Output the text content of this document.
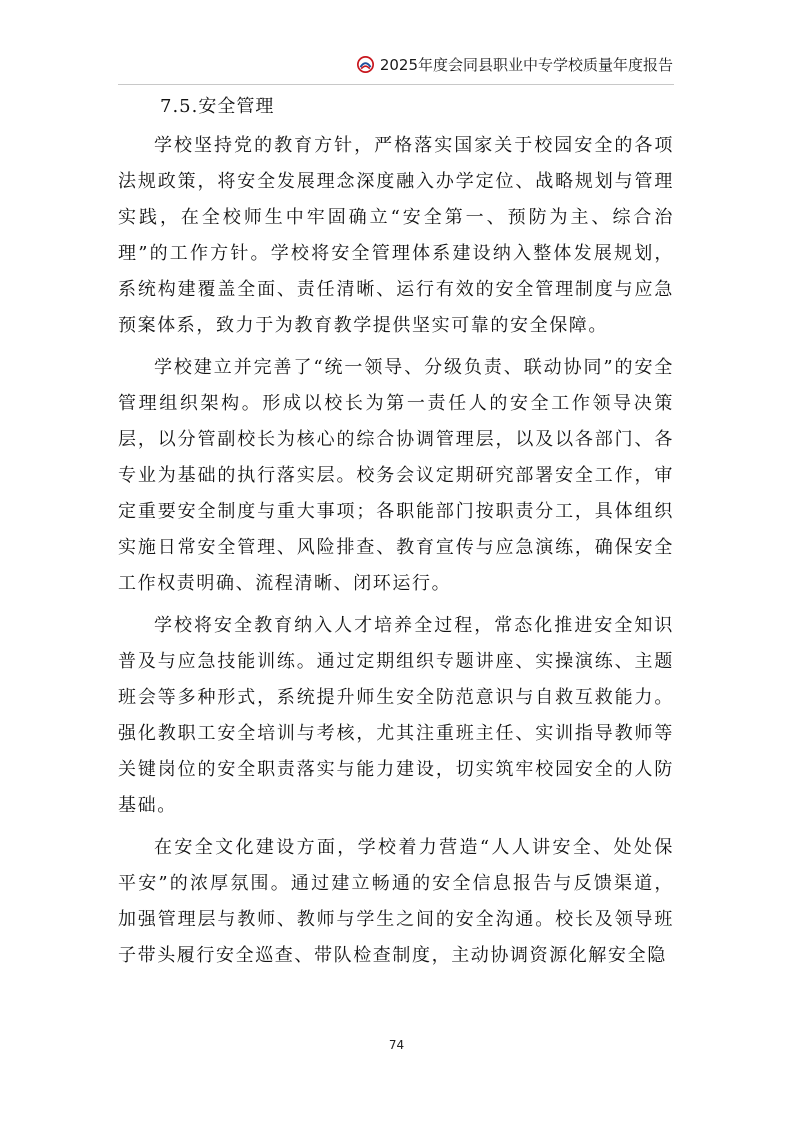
2025年度会同县职业中专学校质量年度报告
7.5.安全管理

学校坚持党的教育方针，严格落实国家关于校园安全的各项法规政策，将安全发展理念深度融入办学定位、战略规划与管理实践，在全校师生中牢固确立“安全第一、预防为主、综合治理”的工作方针。学校将安全管理体系建设纳入整体发展规划，系统构建覆盖全面、责任清晰、运行有效的安全管理制度与应急预案体系，致力于为教育教学提供坚实可靠的安全保障。

学校建立并完善了“统一领导、分级负责、联动协同”的安全管理组织架构。形成以校长为第一责任人的安全工作领导决策层，以分管副校长为核心的综合协调管理层，以及以各部门、各专业为基础的执行落实层。校务会议定期研究部署安全工作，审定重要安全制度与重大事项；各职能部门按职责分工，具体组织实施日常安全管理、风险排查、教育宣传与应急演练，确保安全工作权责明确、流程清晰、闭环运行。

学校将安全教育纳入人才培养全过程，常态化推进安全知识普及与应急技能训练。通过定期组织专题讲座、实操演练、主题班会等多种形式，系统提升师生安全防范意识与自救互救能力。强化教职工安全培训与考核，尤其注重班主任、实训指导教师等关键岗位的安全职责落实与能力建设，切实筑牢校园安全的人防基础。

在安全文化建设方面，学校着力营造“人人讲安全、处处保平安”的浓厚氛围。通过建立畅通的安全信息报告与反馈渠道，加强管理层与教师、教师与学生之间的安全沟通。校长及领导班子带头履行安全巡查、带队检查制度，主动协调资源化解安全隐

74
